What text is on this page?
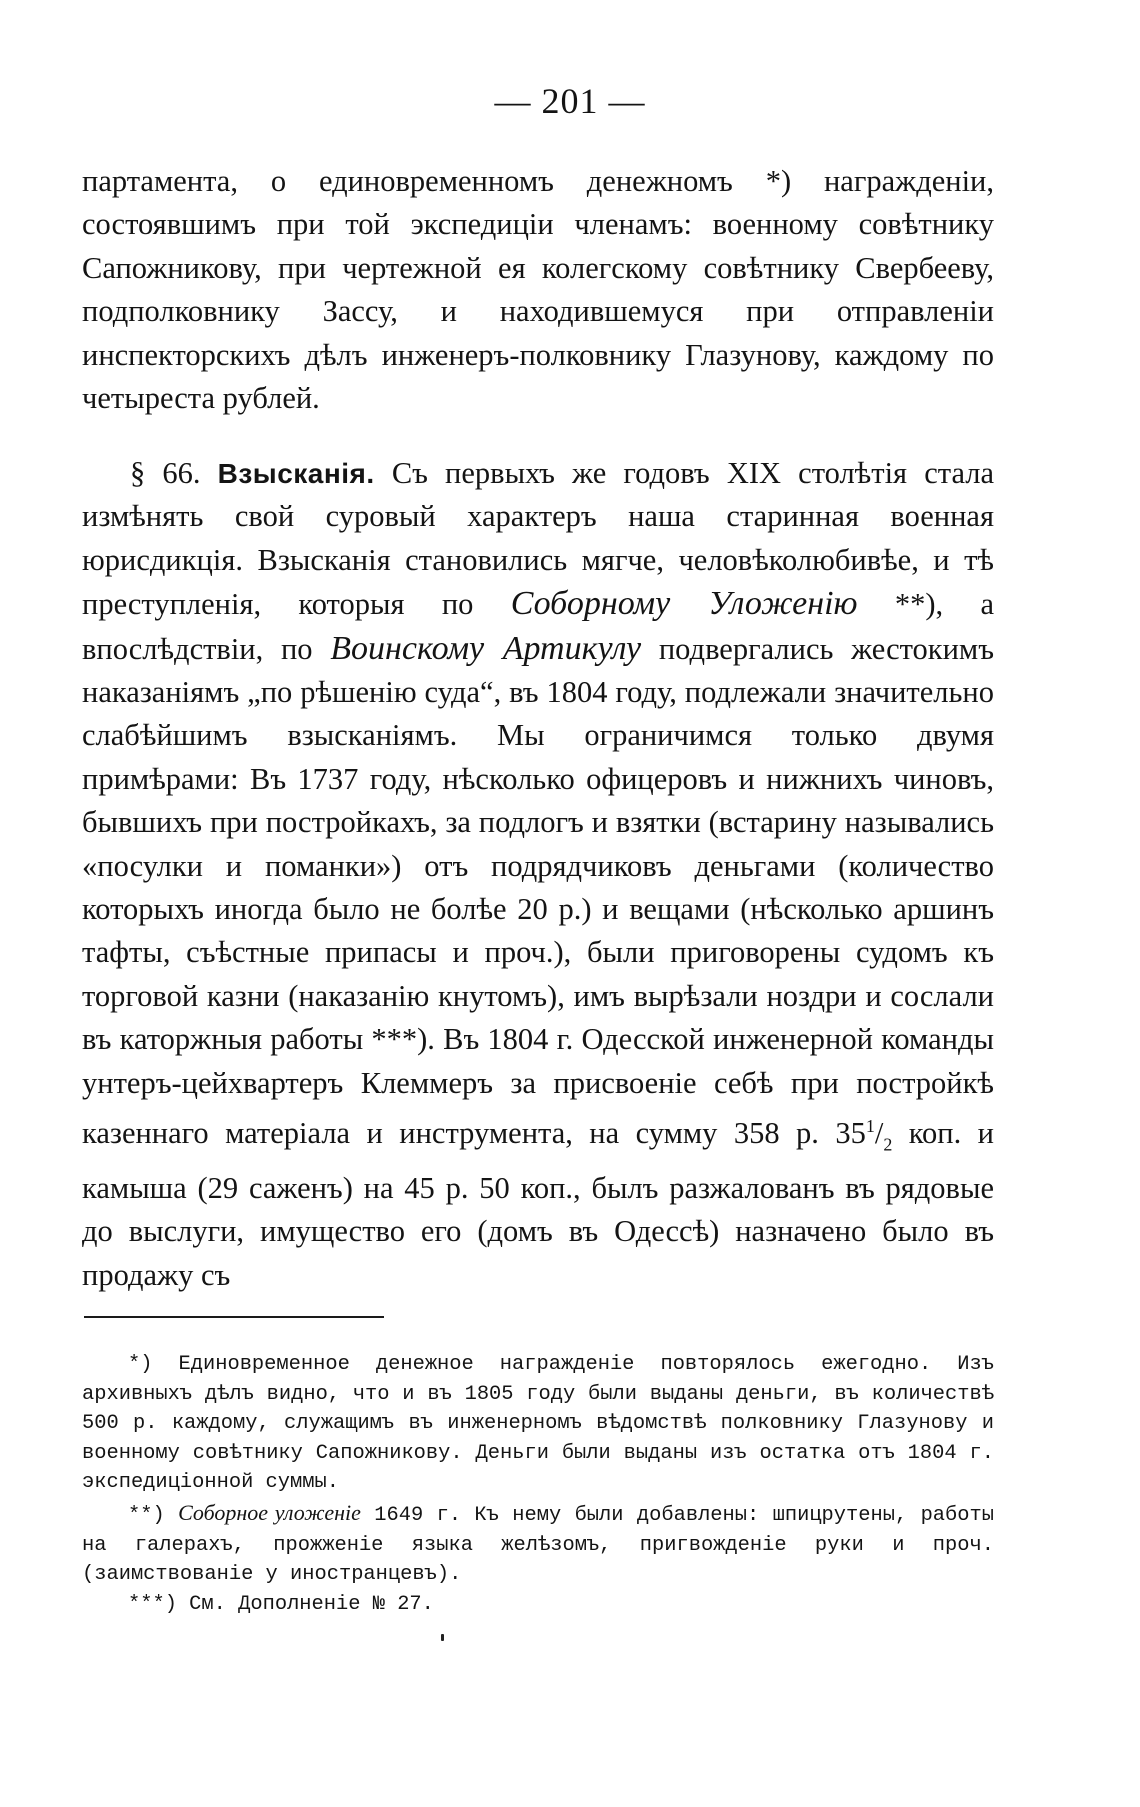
— 201 —

партамента, о единовременномъ денежномъ *) награжденіи, состоявшимъ при той экспедиціи членамъ: военному совѣтнику Сапожникову, при чертежной ея колегскому совѣтнику Свербееву, подполковнику Зассу, и находившемуся при отправленіи инспекторскихъ дѣлъ инженеръ-полковнику Глазунову, каждому по четыреста рублей.

§ 66. Взысканія. Съ первыхъ же годовъ XIX столѣтія стала измѣнять свой суровый характеръ наша старинная военная юрисдикція. Взысканія становились мягче, человѣколюбивѣе, и тѣ преступленія, которыя по Соборному Уложенію **), а впослѣдствіи, по Воинскому Артикулу подвергались жестокимъ наказаніямъ „по рѣшенію суда“, въ 1804 году, подлежали значительно слабѣйшимъ взысканіямъ. Мы ограничимся только двумя примѣрами: Въ 1737 году, нѣсколько офицеровъ и нижнихъ чиновъ, бывшихъ при постройкахъ, за подлогъ и взятки (встарину назывались «посулки и поманки») отъ подрядчиковъ деньгами (количество которыхъ иногда было не болѣе 20 р.) и вещами (нѣсколько аршинъ тафты, съѣстные припасы и проч.), были приговорены судомъ къ торговой казни (наказанію кнутомъ), имъ вырѣзали ноздри и сослали въ каторжныя работы ***). Въ 1804 г. Одесской инженерной команды унтеръ-цейхвартеръ Клеммеръ за присвоеніе себѣ при постройкѣ казеннаго матеріала и инструмента, на сумму 358 р. $35^1/_2$ коп. и камыша (29 саженъ) на 45 р. 50 коп., былъ разжалованъ въ рядовые до выслуги, имущество его (домъ въ Одессѣ) назначено было въ продажу съ

*) Единовременное денежное награжденіе повторялось ежегодно. Изъ архивныхъ дѣлъ видно, что и въ 1805 году были выданы деньги, въ количествѣ 500 р. каждому, служащимъ въ инженерномъ вѣдомствѣ полковнику Глазунову и военному совѣтнику Сапожникову. Деньги были выданы изъ остатка отъ 1804 г. экспедиціонной суммы.

**) Соборное уложеніе 1649 г. Къ нему были добавлены: шпицрутены, работы на галерахъ, прожженіе языка желѣзомъ, пригвожденіе руки и проч. (заимствованіе у иностранцевъ).

***) См. Дополненіе № 27.
